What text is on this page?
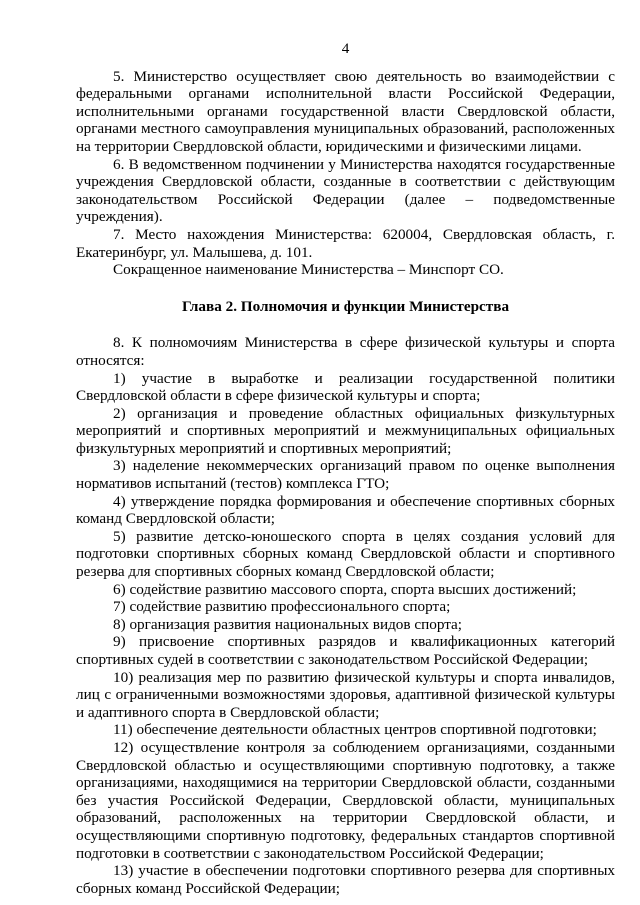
4

5. Министерство осуществляет свою деятельность во взаимодействии с федеральными органами исполнительной власти Российской Федерации, исполнительными органами государственной власти Свердловской области, органами местного самоуправления муниципальных образований, расположенных на территории Свердловской области, юридическими и физическими лицами.

6. В ведомственном подчинении у Министерства находятся государственные учреждения Свердловской области, созданные в соответствии с действующим законодательством Российской Федерации (далее – подведомственные учреждения).

7. Место нахождения Министерства: 620004, Свердловская область, г. Екатеринбург, ул. Малышева, д. 101.

Сокращенное наименование Министерства – Минспорт СО.

Глава 2. Полномочия и функции Министерства

8. К полномочиям Министерства в сфере физической культуры и спорта относятся:

1) участие в выработке и реализации государственной политики Свердловской области в сфере физической культуры и спорта;

2) организация и проведение областных официальных физкультурных мероприятий и спортивных мероприятий и межмуниципальных официальных физкультурных мероприятий и спортивных мероприятий;

3) наделение некоммерческих организаций правом по оценке выполнения нормативов испытаний (тестов) комплекса ГТО;

4) утверждение порядка формирования и обеспечение спортивных сборных команд Свердловской области;

5) развитие детско-юношеского спорта в целях создания условий для подготовки спортивных сборных команд Свердловской области и спортивного резерва для спортивных сборных команд Свердловской области;

6) содействие развитию массового спорта, спорта высших достижений;

7) содействие развитию профессионального спорта;

8) организация развития национальных видов спорта;

9) присвоение спортивных разрядов и квалификационных категорий спортивных судей в соответствии с законодательством Российской Федерации;

10) реализация мер по развитию физической культуры и спорта инвалидов, лиц с ограниченными возможностями здоровья, адаптивной физической культуры и адаптивного спорта в Свердловской области;

11) обеспечение деятельности областных центров спортивной подготовки;

12) осуществление контроля за соблюдением организациями, созданными Свердловской областью и осуществляющими спортивную подготовку, а также организациями, находящимися на территории Свердловской области, созданными без участия Российской Федерации, Свердловской области, муниципальных образований, расположенных на территории Свердловской области, и осуществляющими спортивную подготовку, федеральных стандартов спортивной подготовки в соответствии с законодательством Российской Федерации;

13) участие в обеспечении подготовки спортивного резерва для спортивных сборных команд Российской Федерации;
